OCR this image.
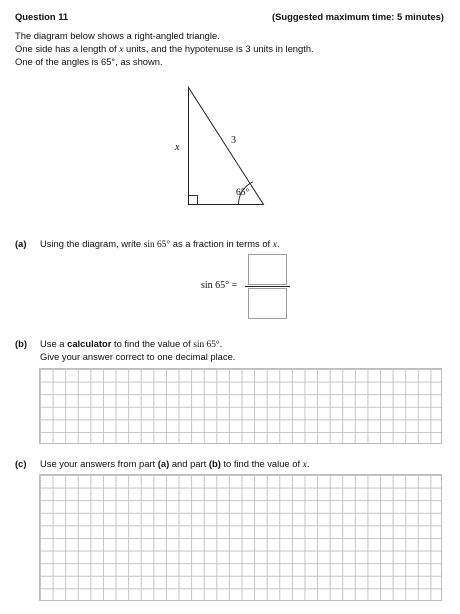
Question 11	(Suggested maximum time: 5 minutes)
The diagram below shows a right-angled triangle.
One side has a length of x units, and the hypotenuse is 3 units in length.
One of the angles is 65°, as shown.
x
3
65°
(a) Using the diagram, write sin 65° as a fraction in terms of x.
sin 65° =
(b) Use a calculator to find the value of sin 65°.
Give your answer correct to one decimal place.
(c) Use your answers from part (a) and part (b) to find the value of x.
